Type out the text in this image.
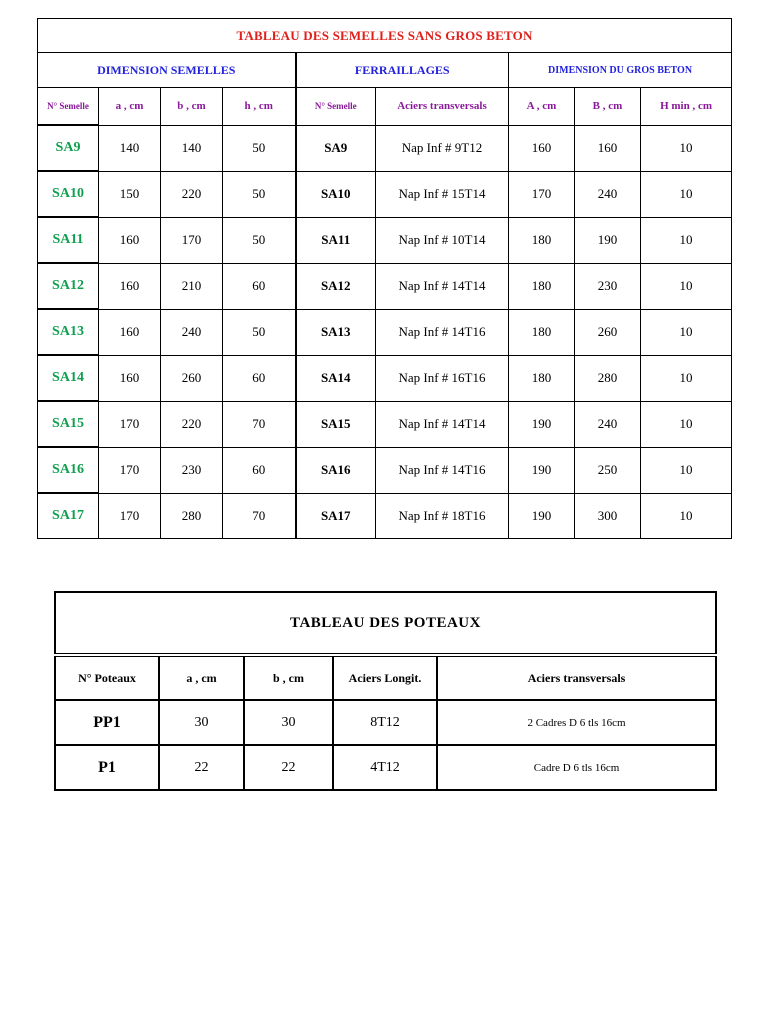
TABLEAU DES SEMELLES SANS GROS BETON								
DIMENSION SEMELLES				FERRAILLAGES		DIMENSION DU GROS BETON		
N° Semelle	a , cm	b , cm	h , cm	N° Semelle	Aciers transversals	A , cm	B , cm	H min , cm
SA9	140	140	50	SA9	Nap Inf # 9T12	160	160	10
SA10	150	220	50	SA10	Nap Inf # 15T14	170	240	10
SA11	160	170	50	SA11	Nap Inf # 10T14	180	190	10
SA12	160	210	60	SA12	Nap Inf # 14T14	180	230	10
SA13	160	240	50	SA13	Nap Inf # 14T16	180	260	10
SA14	160	260	60	SA14	Nap Inf # 16T16	180	280	10
SA15	170	220	70	SA15	Nap Inf # 14T14	190	240	10
SA16	170	230	60	SA16	Nap Inf # 14T16	190	250	10
SA17	170	280	70	SA17	Nap Inf # 18T16	190	300	10
TABLEAU DES POTEAUX				
N° Poteaux	a , cm	b , cm	Aciers Longit.	Aciers transversals
PP1	30	30	8T12	2 Cadres D 6 tls 16cm
P1	22	22	4T12	Cadre D 6 tls 16cm
